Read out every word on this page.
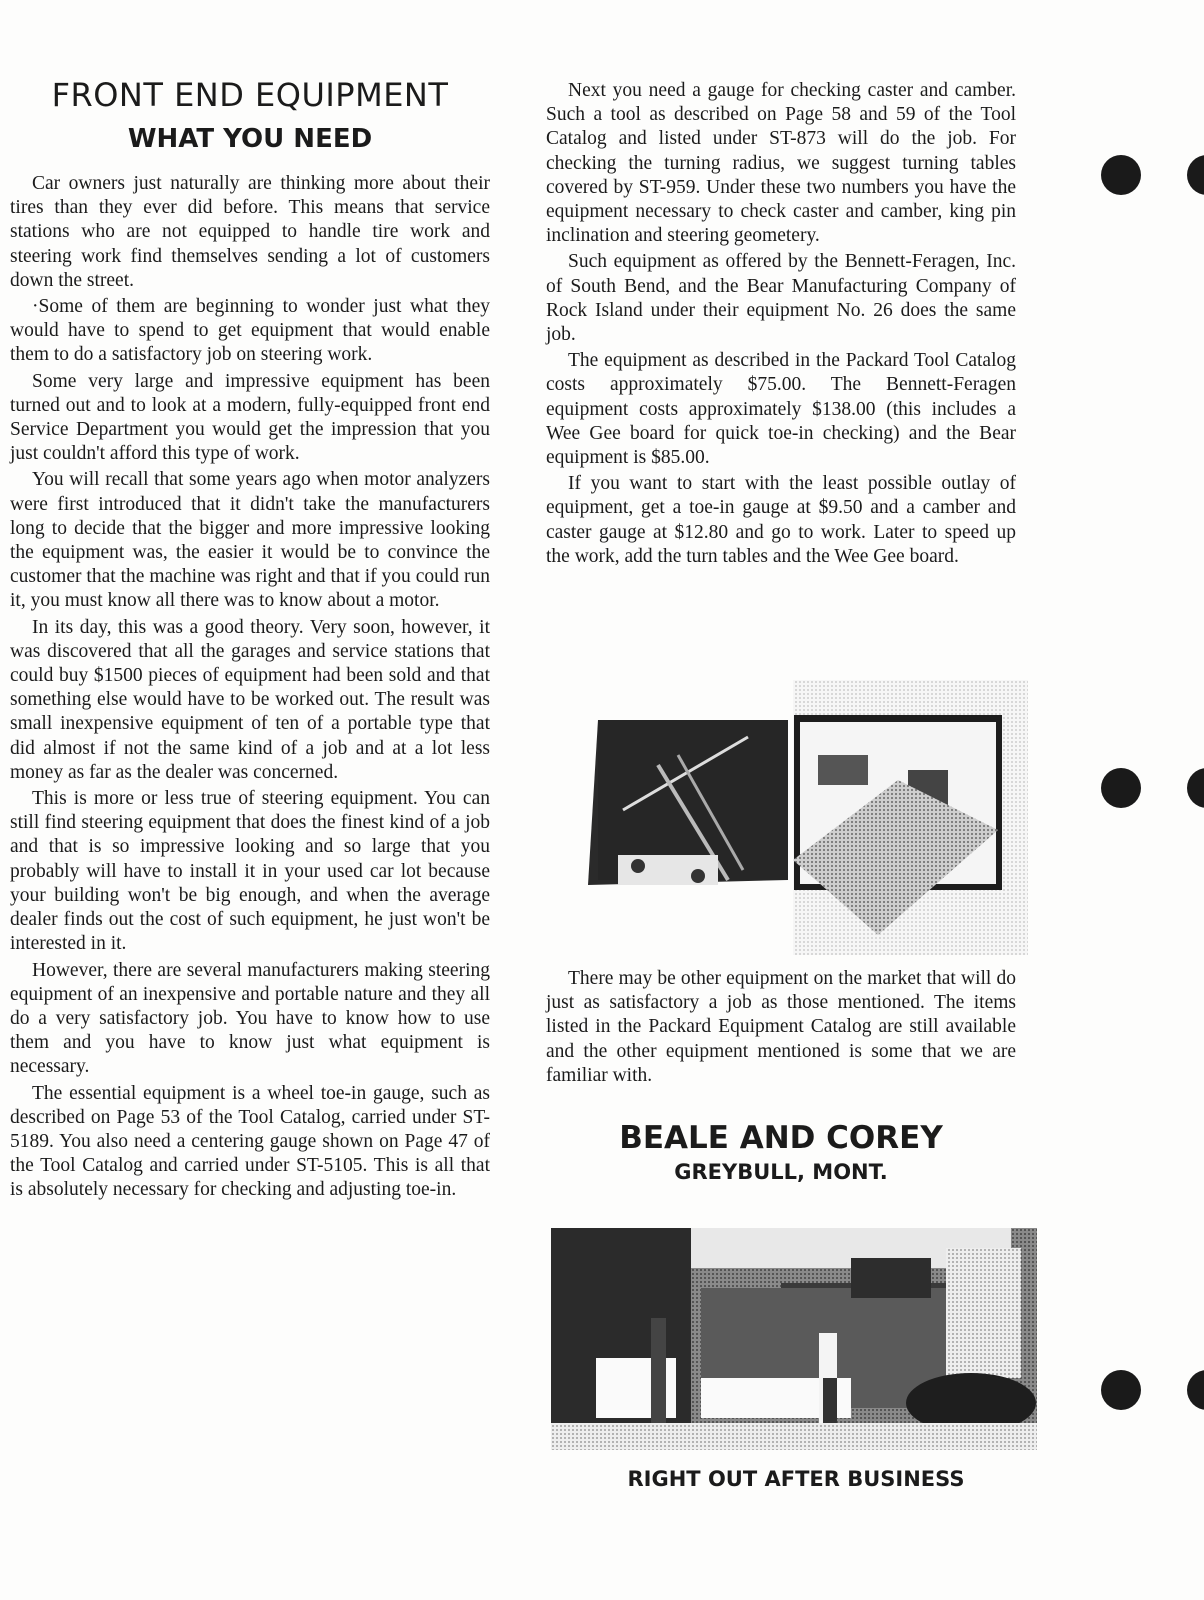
FRONT END EQUIPMENT
WHAT YOU NEED

Car owners just naturally are thinking more about their tires than they ever did before. This means that service stations who are not equipped to handle tire work and steering work find themselves sending a lot of customers down the street.

·Some of them are beginning to wonder just what they would have to spend to get equipment that would enable them to do a satisfactory job on steering work.

Some very large and impressive equipment has been turned out and to look at a modern, fully-equipped front end Service Department you would get the impression that you just couldn't afford this type of work.

You will recall that some years ago when motor analyzers were first introduced that it didn't take the manufacturers long to decide that the bigger and more impressive looking the equipment was, the easier it would be to convince the customer that the machine was right and that if you could run it, you must know all there was to know about a motor.

In its day, this was a good theory. Very soon, however, it was discovered that all the garages and service stations that could buy $1500 pieces of equipment had been sold and that something else would have to be worked out. The result was small inexpensive equipment of ten of a portable type that did almost if not the same kind of a job and at a lot less money as far as the dealer was concerned.

This is more or less true of steering equipment. You can still find steering equipment that does the finest kind of a job and that is so impressive looking and so large that you probably will have to install it in your used car lot because your building won't be big enough, and when the average dealer finds out the cost of such equipment, he just won't be interested in it.

However, there are several manufacturers making steering equipment of an inexpensive and portable nature and they all do a very satisfactory job. You have to know how to use them and you have to know just what equipment is necessary.

The essential equipment is a wheel toe-in gauge, such as described on Page 53 of the Tool Catalog, carried under ST-5189. You also need a centering gauge shown on Page 47 of the Tool Catalog and carried under ST-5105. This is all that is absolutely necessary for checking and adjusting toe-in.

Next you need a gauge for checking caster and camber. Such a tool as described on Page 58 and 59 of the Tool Catalog and listed under ST-873 will do the job. For checking the turning radius, we suggest turning tables covered by ST-959. Under these two numbers you have the equipment necessary to check caster and camber, king pin inclination and steering geometery.

Such equipment as offered by the Bennett-Feragen, Inc. of South Bend, and the Bear Manufacturing Company of Rock Island under their equipment No. 26 does the same job.

The equipment as described in the Packard Tool Catalog costs approximately $75.00. The Bennett-Feragen equipment costs approximately $138.00 (this includes a Wee Gee board for quick toe-in checking) and the Bear equipment is $85.00.

If you want to start with the least possible outlay of equipment, get a toe-in gauge at $9.50 and a camber and caster gauge at $12.80 and go to work. Later to speed up the work, add the turn tables and the Wee Gee board.

There may be other equipment on the market that will do just as satisfactory a job as those mentioned. The items listed in the Packard Equipment Catalog are still available and the other equipment mentioned is some that we are familiar with.

BEALE AND COREY
GREYBULL, MONT.
RIGHT OUT AFTER BUSINESS
